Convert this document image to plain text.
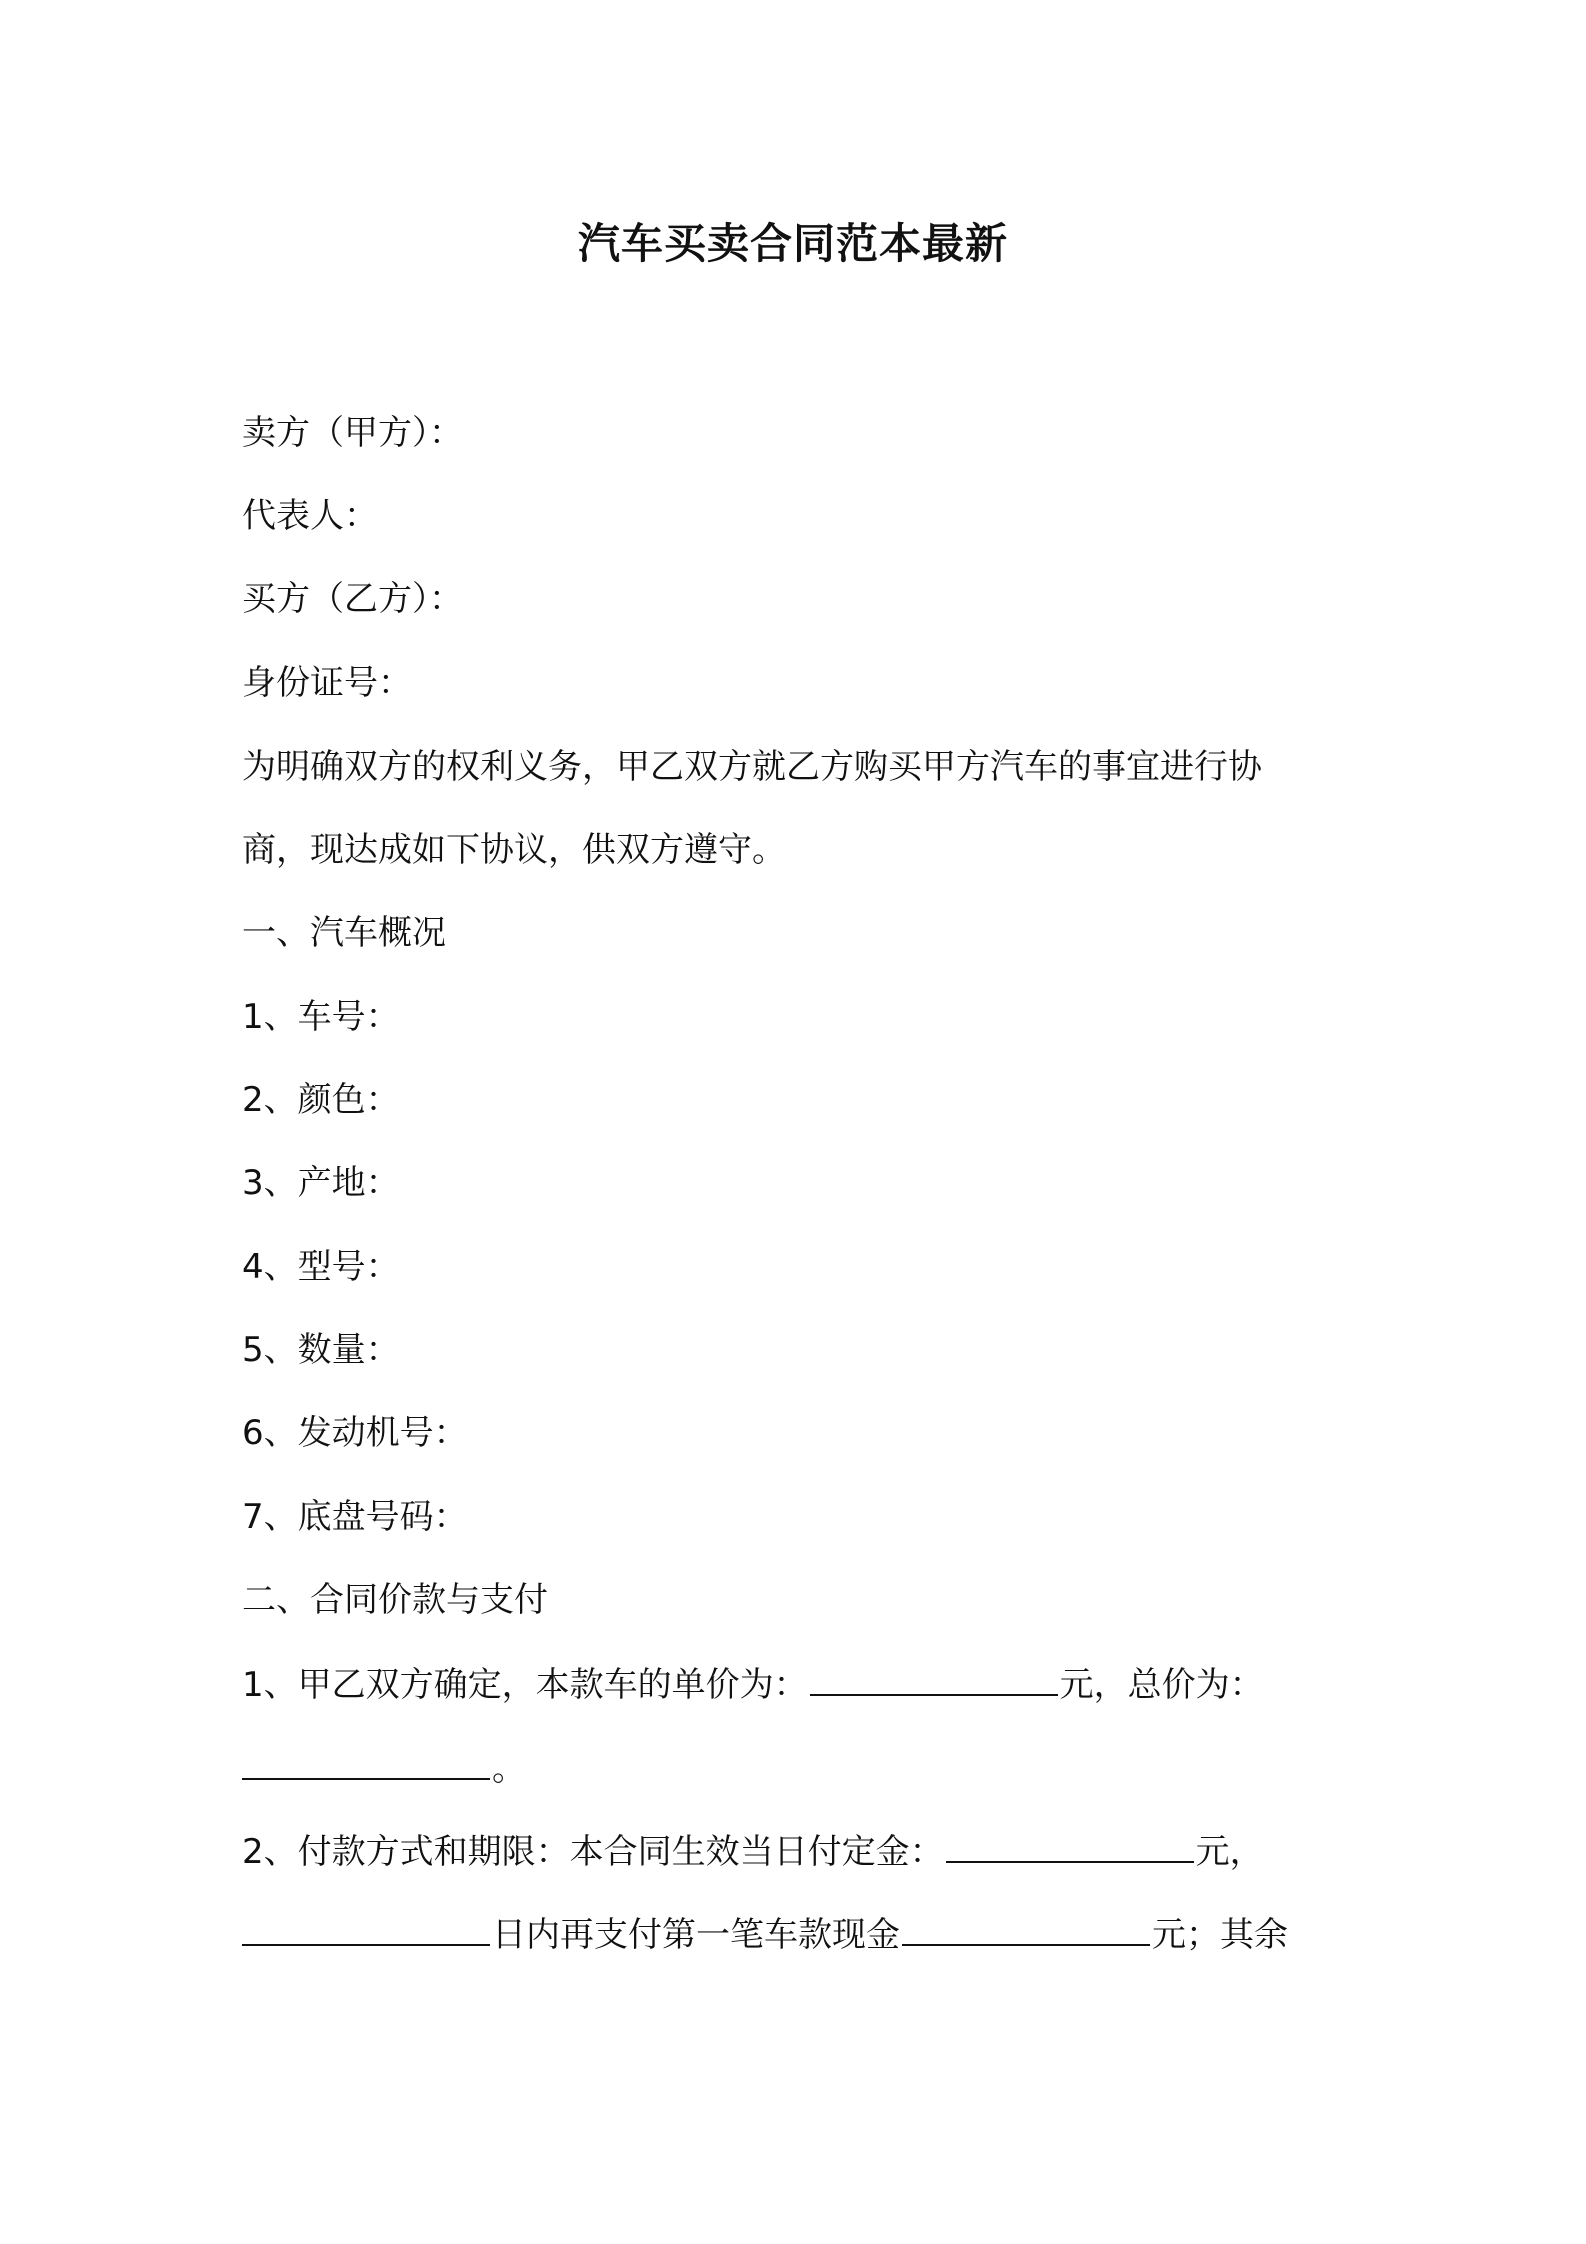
汽车买卖合同范本最新
卖方（甲方）：
代表人：
买方（乙方）：
身份证号：
为明确双方的权利义务，甲乙双方就乙方购买甲方汽车的事宜进行协
商，现达成如下协议，供双方遵守。
一、汽车概况
1、车号：
2、颜色：
3、产地：
4、型号：
5、数量：
6、发动机号：
7、底盘号码：
二、合同价款与支付
1、甲乙双方确定，本款车的单价为：	元，总价为：
。
2、付款方式和期限：本合同生效当日付定金：	元，
日内再支付第一笔车款现金	元；其余
